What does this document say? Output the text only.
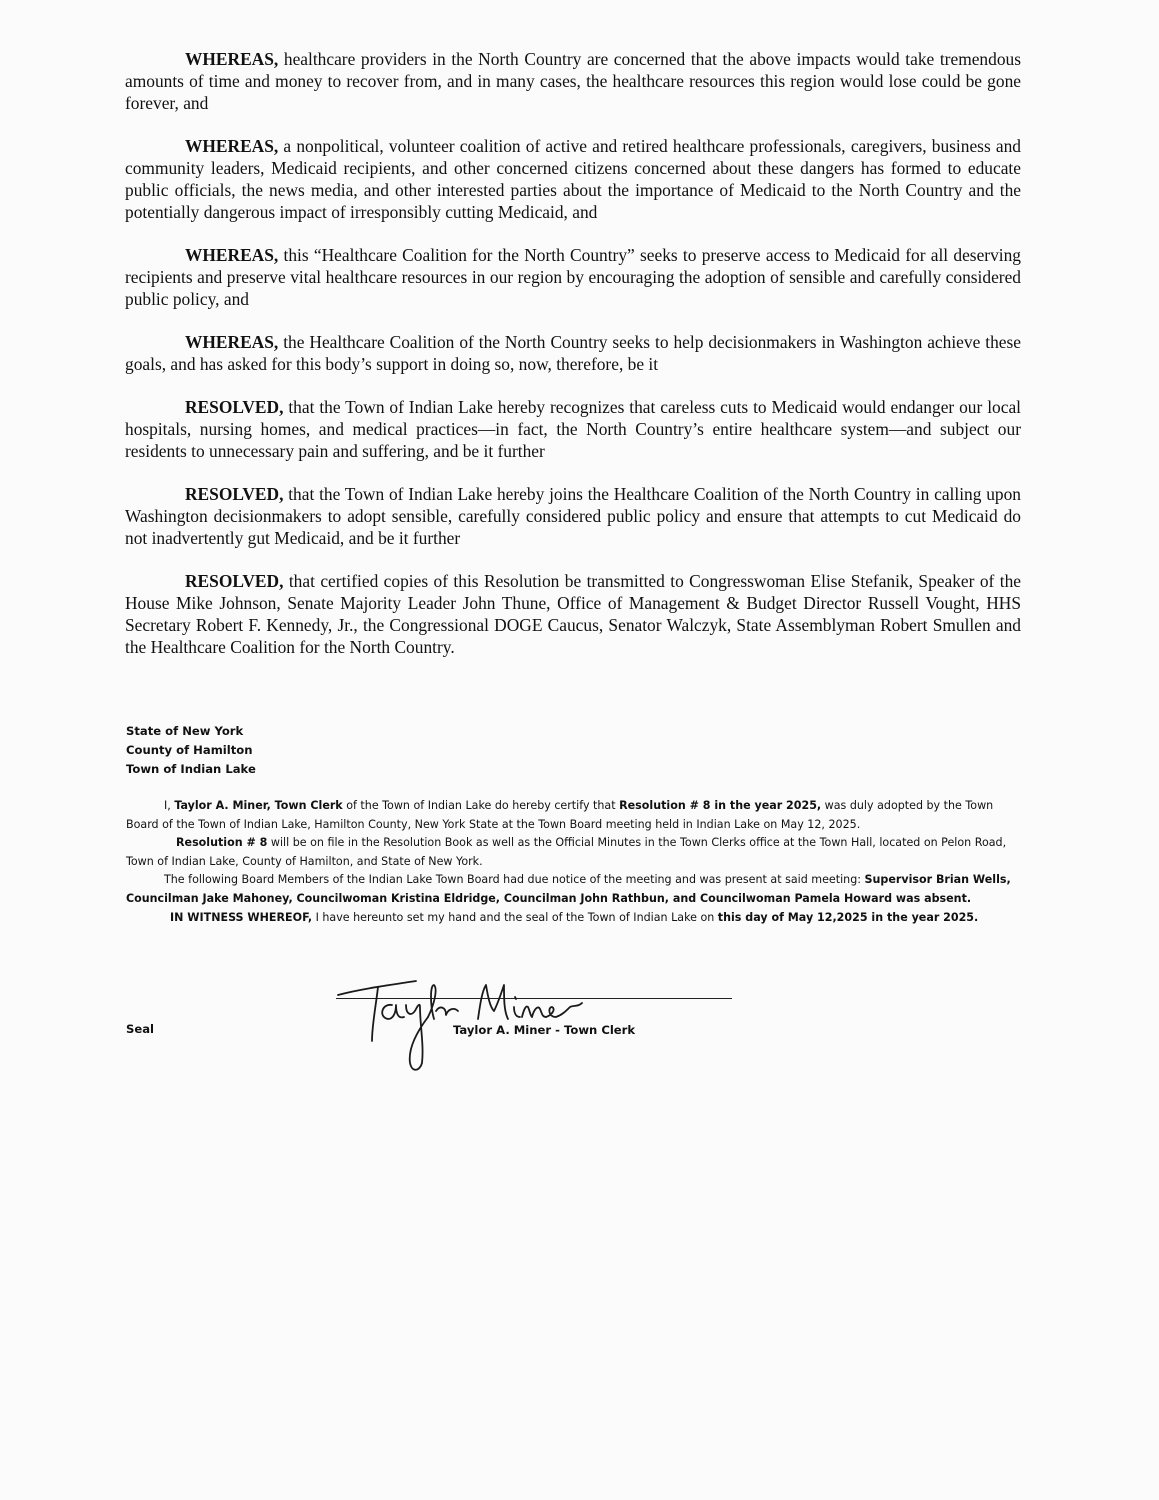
WHEREAS, healthcare providers in the North Country are concerned that the above impacts would take tremendous amounts of time and money to recover from, and in many cases, the healthcare resources this region would lose could be gone forever, and

WHEREAS, a nonpolitical, volunteer coalition of active and retired healthcare professionals, caregivers, business and community leaders, Medicaid recipients, and other concerned citizens concerned about these dangers has formed to educate public officials, the news media, and other interested parties about the importance of Medicaid to the North Country and the potentially dangerous impact of irresponsibly cutting Medicaid, and

WHEREAS, this “Healthcare Coalition for the North Country” seeks to preserve access to Medicaid for all deserving recipients and preserve vital healthcare resources in our region by encouraging the adoption of sensible and carefully considered public policy, and

WHEREAS, the Healthcare Coalition of the North Country seeks to help decisionmakers in Washington achieve these goals, and has asked for this body’s support in doing so, now, therefore, be it

RESOLVED, that the Town of Indian Lake hereby recognizes that careless cuts to Medicaid would endanger our local hospitals, nursing homes, and medical practices—in fact, the North Country’s entire healthcare system—and subject our residents to unnecessary pain and suffering, and be it further

RESOLVED, that the Town of Indian Lake hereby joins the Healthcare Coalition of the North Country in calling upon Washington decisionmakers to adopt sensible, carefully considered public policy and ensure that attempts to cut Medicaid do not inadvertently gut Medicaid, and be it further

RESOLVED, that certified copies of this Resolution be transmitted to Congresswoman Elise Stefanik, Speaker of the House Mike Johnson, Senate Majority Leader John Thune, Office of Management & Budget Director Russell Vought, HHS Secretary Robert F. Kennedy, Jr., the Congressional DOGE Caucus, Senator Walczyk, State Assemblyman Robert Smullen and the Healthcare Coalition for the North Country.

State of New York
County of Hamilton
Town of Indian Lake

I, Taylor A. Miner, Town Clerk of the Town of Indian Lake do hereby certify that Resolution # 8 in the year 2025, was duly adopted by the Town Board of the Town of Indian Lake, Hamilton County, New York State at the Town Board meeting held in Indian Lake on May 12, 2025.

Resolution # 8 will be on file in the Resolution Book as well as the Official Minutes in the Town Clerks office at the Town Hall, located on Pelon Road, Town of Indian Lake, County of Hamilton, and State of New York.

The following Board Members of the Indian Lake Town Board had due notice of the meeting and was present at said meeting: Supervisor Brian Wells, Councilman Jake Mahoney, Councilwoman Kristina Eldridge, Councilman John Rathbun, and Councilwoman Pamela Howard was absent.

IN WITNESS WHEREOF, I have hereunto set my hand and the seal of the Town of Indian Lake on this day of May 12,2025 in the year 2025.

Seal	Taylor A. Miner - Town Clerk
